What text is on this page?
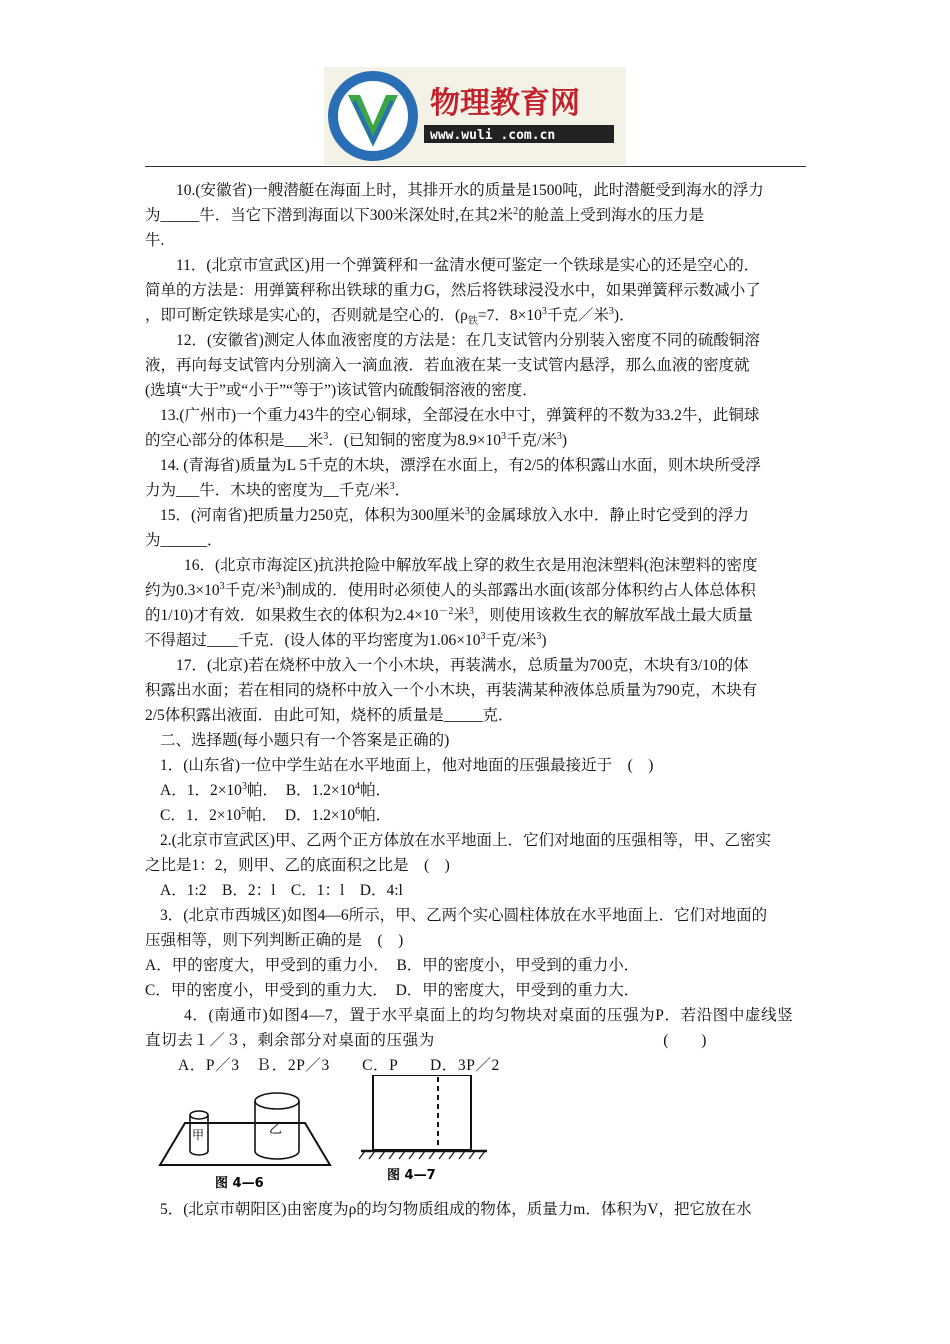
物理教育网
www.wuli .com.cn

10.(安徽省)一艘潜艇在海面上时，其排开水的质量是1500吨，此时潜艇受到海水的浮力

为_____牛．当它下潜到海面以下300米深处时,在其2米$^2$的舱盖上受到海水的压力是

牛.

11．(北京市宣武区)用一个弹簧秤和一盆清水便可鉴定一个铁球是实心的还是空心的．

简单的方法是：用弹簧秤称出铁球的重力G，然后将铁球浸没水中，如果弹簧秤示数减小了

，即可断定铁球是实心的，否则就是空心的．($\rho_铁=7$．$8\times 10^3$千克／米$^3$)．

12．(安徽省)测定人体血液密度的方法是：在几支试管内分别装入密度不同的硫酸铜溶

液，再向每支试管内分别滴入一滴血液．若血液在某一支试管内悬浮，那么血液的密度就

(选填“大于”或“小于”“等于”)该试管内硫酸铜溶液的密度．

13.(广州市)一个重力43牛的空心铜球，全部浸在水中寸，弹簧秤的不数为33.2牛，此铜球

的空心部分的体积是___米$^3$．(已知铜的密度为$8.9\times 10^3$千克/米$^3$)

14. (青海省)质量为L 5千克的木块，漂浮在水面上，有2/5的体积露山水面，则木块所受浮

力为___牛．木块的密度为__千克/米$^3$．

15．(河南省)把质量力250克，体积为300厘米$^3$的金属球放入水中．静止时它受到的浮力

为______．

16．(北京市海淀区)抗洪抢险中解放军战上穿的救生衣是用泡沫塑料(泡沫塑料的密度

约为$0.3\times 10^3$千克/米$^3$)制成的．使用时必须使人的头部露出水面(该部分体积约占人体总体积

的1/10)才有效．如果救生衣的体积为$2.4\times 10^{-2}$米$^3$，则使用该救生衣的解放军战土最大质量

不得超过____千克．(设人体的平均密度为$1.06\times 10^3$千克/米$^3$)

17．(北京)若在烧杯中放入一个小木块，再装满水，总质量为700克，木块有3/10的体

积露出水面；若在相同的烧杯中放入一个小木块，再装满某种液体总质量为790克，木块有

2/5体积露出液面．由此可知，烧杯的质量是_____克．

二、选择题(每小题只有一个答案是正确的)

1．(山东省)一位中学生站在水平地面上，他对地面的压强最接近于　(　)

A．1．$2\times 10^3$帕．　B．$1.2\times 10^4$帕．

C．1．$2\times 10^5$帕．　D．$1.2\times 10^6$帕．

2.(北京市宣武区)甲、乙两个正方体放在水平地面上．它们对地面的压强相等，甲、乙密实

之比是1：2，则甲、乙的底面积之比是　(　)

A．1:2　B．2：l　C．1：l　D．4:l

3．(北京市西城区)如图4—6所示，甲、乙两个实心圆柱体放在水平地面上．它们对地面的

压强相等，则下列判断正确的是　(　)

A．甲的密度大，甲受到的重力小．　B．甲的密度小，甲受到的重力小．

C．甲的密度小，甲受到的重力大．　D．甲的密度大，甲受到的重力大．

4．(南通市)如图4—7，置于水平桌面上的均匀物块对桌面的压强为P．若沿图中虚线竖

直切去１／３，剩余部分对桌面的压强为	(　　)

A．P／3　Ｂ．2P／3　　C．P　　D．3P／2

甲	乙
图 4—6
图 4—7

5．(北京市朝阳区)由密度为ρ的均匀物质组成的物体，质量力m．体积为V，把它放在水
